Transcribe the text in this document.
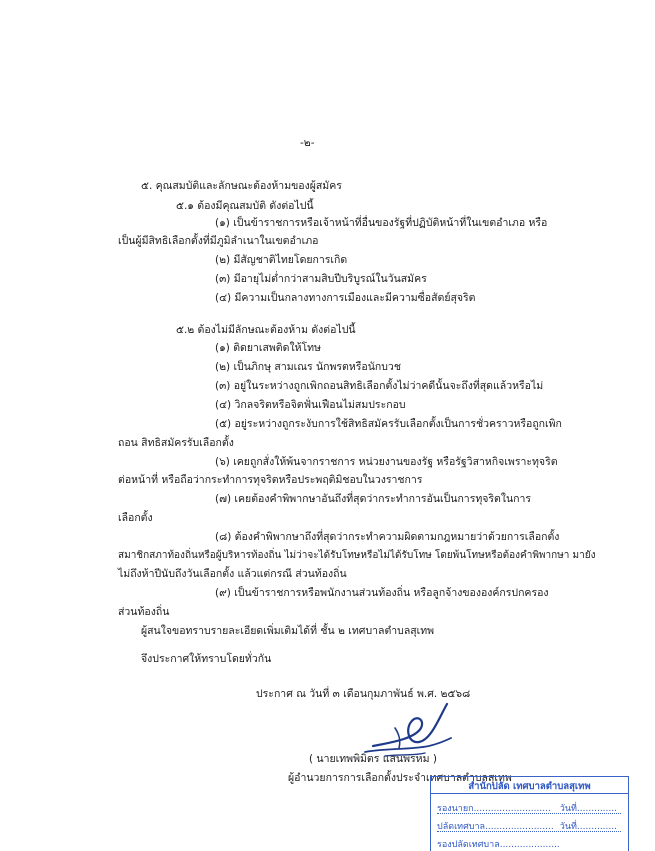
-๒-
๕. คุณสมบัติและลักษณะต้องห้ามของผู้สมัคร
๕.๑ ต้องมีคุณสมบัติ ดังต่อไปนี้
(๑) เป็นข้าราชการหรือเจ้าหน้าที่อื่นของรัฐที่ปฏิบัติหน้าที่ในเขตอำเภอ หรือ
เป็นผู้มีสิทธิเลือกตั้งที่มีภูมิลำเนาในเขตอำเภอ
(๒) มีสัญชาติไทยโดยการเกิด
(๓) มีอายุไม่ต่ำกว่าสามสิบปีบริบูรณ์ในวันสมัคร
(๔) มีความเป็นกลางทางการเมืองและมีความซื่อสัตย์สุจริต
๕.๒ ต้องไม่มีลักษณะต้องห้าม ดังต่อไปนี้
(๑) ติดยาเสพติดให้โทษ
(๒) เป็นภิกษุ สามเณร นักพรตหรือนักบวช
(๓) อยู่ในระหว่างถูกเพิกถอนสิทธิเลือกตั้งไม่ว่าคดีนั้นจะถึงที่สุดแล้วหรือไม่
(๔) วิกลจริตหรือจิตฟั่นเฟือนไม่สมประกอบ
(๕) อยู่ระหว่างถูกระงับการใช้สิทธิสมัครรับเลือกตั้งเป็นการชั่วคราวหรือถูกเพิก
ถอน สิทธิสมัครรับเลือกตั้ง
(๖) เคยถูกสั่งให้พ้นจากราชการ หน่วยงานของรัฐ หรือรัฐวิสาหกิจเพราะทุจริต
ต่อหน้าที่ หรือถือว่ากระทำการทุจริตหรือประพฤติมิชอบในวงราชการ
(๗) เคยต้องคำพิพากษาอันถึงที่สุดว่ากระทำการอันเป็นการทุจริตในการ
เลือกตั้ง
(๘) ต้องคำพิพากษาถึงที่สุดว่ากระทำความผิดตามกฎหมายว่าด้วยการเลือกตั้ง
สมาชิกสภาท้องถิ่นหรือผู้บริหารท้องถิ่น ไม่ว่าจะได้รับโทษหรือไม่ได้รับโทษ โดยพ้นโทษหรือต้องคำพิพากษา มายัง
ไม่ถึงห้าปีนับถึงวันเลือกตั้ง แล้วแต่กรณี ส่วนท้องถิ่น
(๙) เป็นข้าราชการหรือพนักงานส่วนท้องถิ่น หรือลูกจ้างขององค์กรปกครอง
ส่วนท้องถิ่น
ผู้สนใจขอทราบรายละเอียดเพิ่มเติมได้ที่ ชั้น ๒ เทศบาลตำบลสุเทพ
จึงประกาศให้ทราบโดยทั่วกัน
ประกาศ ณ วันที่ ๓ เดือนกุมภาพันธ์ พ.ศ. ๒๕๖๘
( นายเทพพิมิตร แสนพรหม )
ผู้อำนวยการการเลือกตั้งประจำเทศบาลตำบลสุเทพ
สำนักปลัด เทศบาลตำบลสุเทพ
รองนายก........................... วันที่..............
ปลัดเทศบาล........................ วันที่..............
รองปลัดเทศบาล.....................
